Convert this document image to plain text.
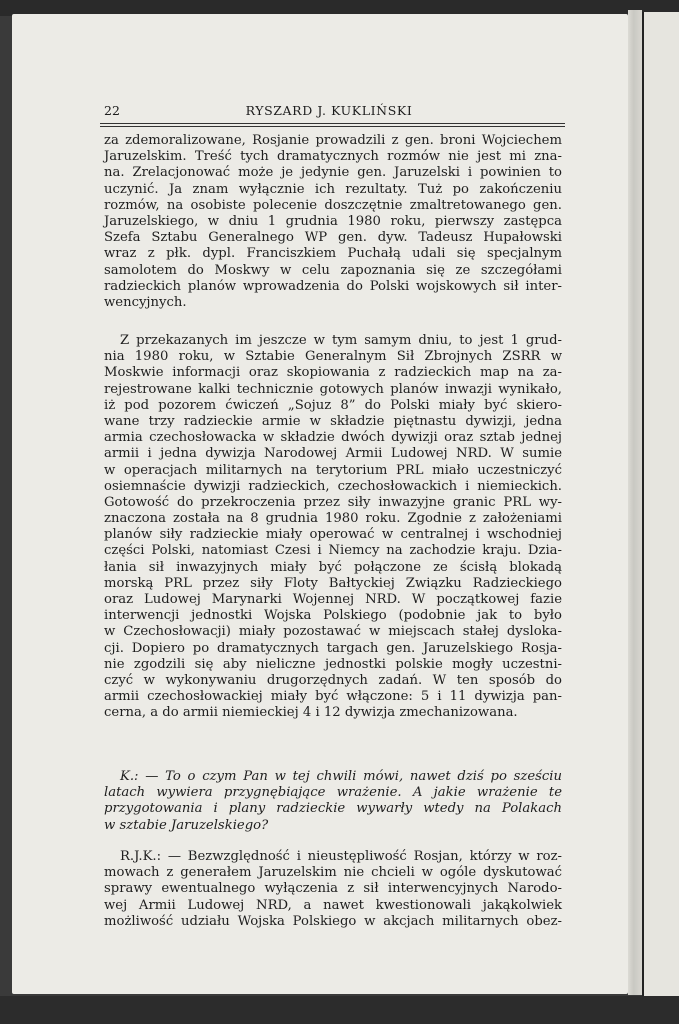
22	RYSZARD J. KUKLIŃSKI
za zdemoralizowane, Rosjanie prowadzili z gen. broni Wojciechem
Jaruzelskim. Treść tych dramatycznych rozmów nie jest mi zna-
na. Zrelacjonować może je jedynie gen. Jaruzelski i powinien to
uczynić. Ja znam wyłącznie ich rezultaty. Tuż po zakończeniu
rozmów, na osobiste polecenie doszczętnie zmaltretowanego gen.
Jaruzelskiego, w dniu 1 grudnia 1980 roku, pierwszy zastępca
Szefa Sztabu Generalnego WP gen. dyw. Tadeusz Hupałowski
wraz z płk. dypl. Franciszkiem Puchałą udali się specjalnym
samolotem do Moskwy w celu zapoznania się ze szczegółami
radzieckich planów wprowadzenia do Polski wojskowych sił inter-
wencyjnych.
Z przekazanych im jeszcze w tym samym dniu, to jest 1 grud-
nia 1980 roku, w Sztabie Generalnym Sił Zbrojnych ZSRR w
Moskwie informacji oraz skopiowania z radzieckich map na za-
rejestrowane kalki technicznie gotowych planów inwazji wynikało,
iż pod pozorem ćwiczeń „Sojuz 8” do Polski miały być skiero-
wane trzy radzieckie armie w składzie piętnastu dywizji, jedna
armia czechosłowacka w składzie dwóch dywizji oraz sztab jednej
armii i jedna dywizja Narodowej Armii Ludowej NRD. W sumie
w operacjach militarnych na terytorium PRL miało uczestniczyć
osiemnaście dywizji radzieckich, czechosłowackich i niemieckich.
Gotowość do przekroczenia przez siły inwazyjne granic PRL wy-
znaczona została na 8 grudnia 1980 roku. Zgodnie z założeniami
planów siły radzieckie miały operować w centralnej i wschodniej
części Polski, natomiast Czesi i Niemcy na zachodzie kraju. Dzia-
łania sił inwazyjnych miały być połączone ze ścisłą blokadą
morską PRL przez siły Floty Bałtyckiej Związku Radzieckiego
oraz Ludowej Marynarki Wojennej NRD. W początkowej fazie
interwencji jednostki Wojska Polskiego (podobnie jak to było
w Czechosłowacji) miały pozostawać w miejscach stałej dysloka-
cji. Dopiero po dramatycznych targach gen. Jaruzelskiego Rosja-
nie zgodzili się aby nieliczne jednostki polskie mogły uczestni-
czyć w wykonywaniu drugorzędnych zadań. W ten sposób do
armii czechosłowackiej miały być włączone: 5 i 11 dywizja pan-
cerna, a do armii niemieckiej 4 i 12 dywizja zmechanizowana.
K.: — To o czym Pan w tej chwili mówi, nawet dziś po sześciu
latach wywiera przygnębiające wrażenie. A jakie wrażenie te
przygotowania i plany radzieckie wywarły wtedy na Polakach
w sztabie Jaruzelskiego?
R.J.K.: — Bezwzględność i nieustępliwość Rosjan, którzy w roz-
mowach z generałem Jaruzelskim nie chcieli w ogóle dyskutować
sprawy ewentualnego wyłączenia z sił interwencyjnych Narodo-
wej Armii Ludowej NRD, a nawet kwestionowali jakąkolwiek
możliwość udziału Wojska Polskiego w akcjach militarnych obez-
